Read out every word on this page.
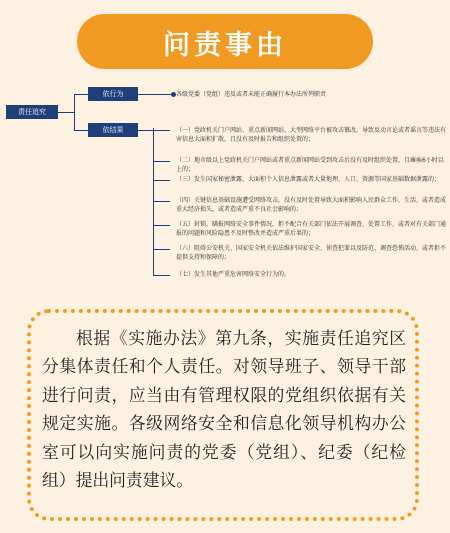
问责事由
责任追究
依行为
依结果
各级党委（党组）违反或者未能正确履行本办法所列职责
（一）党政机关门户网站、重点新闻网站、大型网络平台被攻击篡改，导致反动言论或者谣言等违法有害信息大面积扩散，且没有及时报告和组织处置的；
（二）地市级以上党政机关门户网站或者重点新闻网站受到攻击后没有及时组织处置，且瘫痪6小时以上的；
（三）发生国家秘密泄露、大面积个人信息泄露或者大量地理、人口、资源等国家基础数据泄露的；
（四）关键信息基础设施遭受网络攻击，没有及时处置导致大面积影响人民群众工作、生活，或者造成重大经济损失，或者造成严重不良社会影响的；
（五）封锁、瞒报网络安全事件情况，拒不配合有关部门依法开展调查、处置工作，或者对有关部门通报的问题和风险隐患不及时整改并造成严重后果的；
（六）阻碍公安机关、国家安全机关依法维护国家安全、侦查犯罪以及防范、调查恐怖活动，或者拒不提供支持和保障的；
（七）发生其他严重危害网络安全行为的。
根据《实施办法》第九条，实施责任追究区分集体责任和个人责任。对领导班子、领导干部进行问责，应当由有管理权限的党组织依据有关规定实施。各级网络安全和信息化领导机构办公室可以向实施问责的党委（党组）、纪委（纪检组）提出问责建议。
